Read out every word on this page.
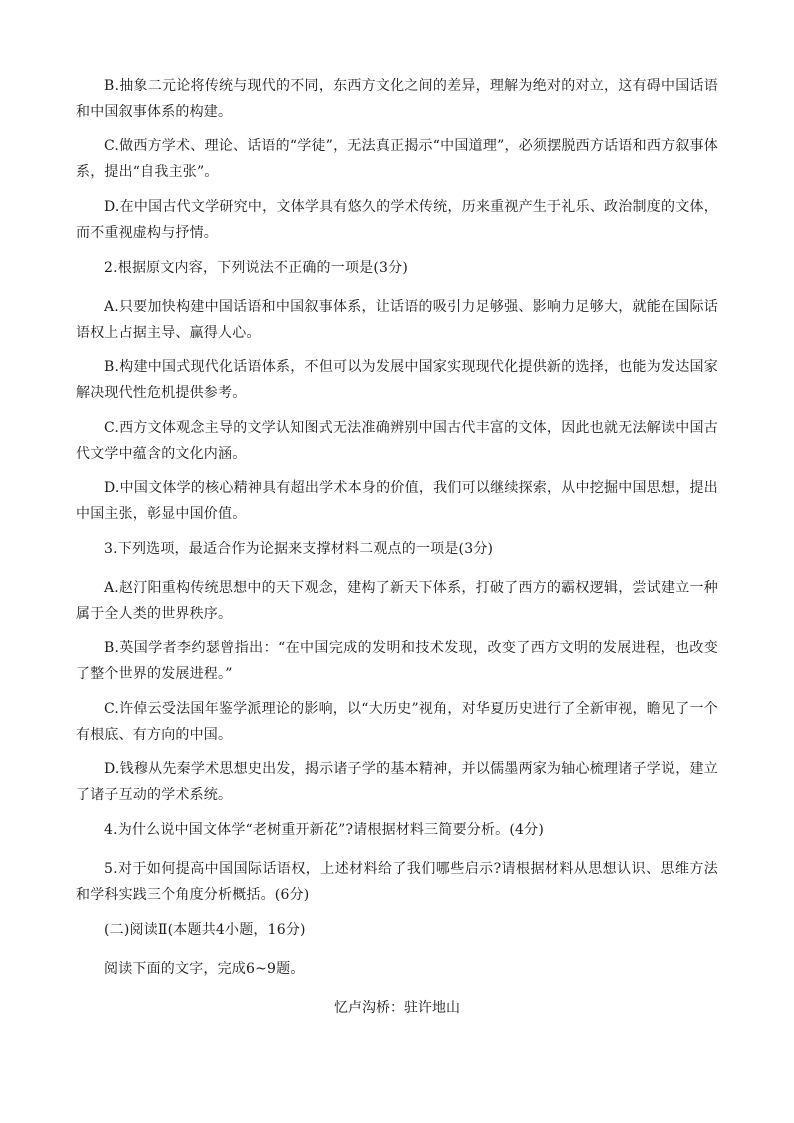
B.抽象二元论将传统与现代的不同，东西方文化之间的差异，理解为绝对的对立，这有碍中国话语和中国叙事体系的构建。

C.做西方学术、理论、话语的“学徒”，无法真正揭示“中国道理”，必须摆脱西方话语和西方叙事体系，提出“自我主张”。

D.在中国古代文学研究中，文体学具有悠久的学术传统，历来重视产生于礼乐、政治制度的文体，而不重视虚构与抒情。

2.根据原文内容，下列说法不正确的一项是(3分)

A.只要加快构建中国话语和中国叙事体系，让话语的吸引力足够强、影响力足够大，就能在国际话语权上占据主导、赢得人心。

B.构建中国式现代化话语体系，不但可以为发展中国家实现现代化提供新的选择，也能为发达国家解决现代性危机提供参考。

C.西方文体观念主导的文学认知图式无法准确辨别中国古代丰富的文体，因此也就无法解读中国古代文学中蕴含的文化内涵。

D.中国文体学的核心精神具有超出学术本身的价值，我们可以继续探索，从中挖掘中国思想，提出中国主张，彰显中国价值。

3.下列选项，最适合作为论据来支撑材料二观点的一项是(3分)

A.赵汀阳重构传统思想中的天下观念，建构了新天下体系，打破了西方的霸权逻辑，尝试建立一种属于全人类的世界秩序。

B.英国学者李约瑟曾指出：“在中国完成的发明和技术发现，改变了西方文明的发展进程，也改变了整个世界的发展进程。”

C.许倬云受法国年鉴学派理论的影响，以“大历史”视角，对华夏历史进行了全新审视，瞻见了一个有根底、有方向的中国。

D.钱穆从先秦学术思想史出发，揭示诸子学的基本精神，并以儒墨两家为轴心梳理诸子学说，建立了诸子互动的学术系统。

4.为什么说中国文体学“老树重开新花”?请根据材料三简要分析。(4分)

5.对于如何提高中国国际话语权，上述材料给了我们哪些启示?请根据材料从思想认识、思维方法和学科实践三个角度分析概括。(6分)

(二)阅读Ⅱ(本题共4小题，16分)

阅读下面的文字，完成6~9题。

忆卢沟桥：驻许地山
